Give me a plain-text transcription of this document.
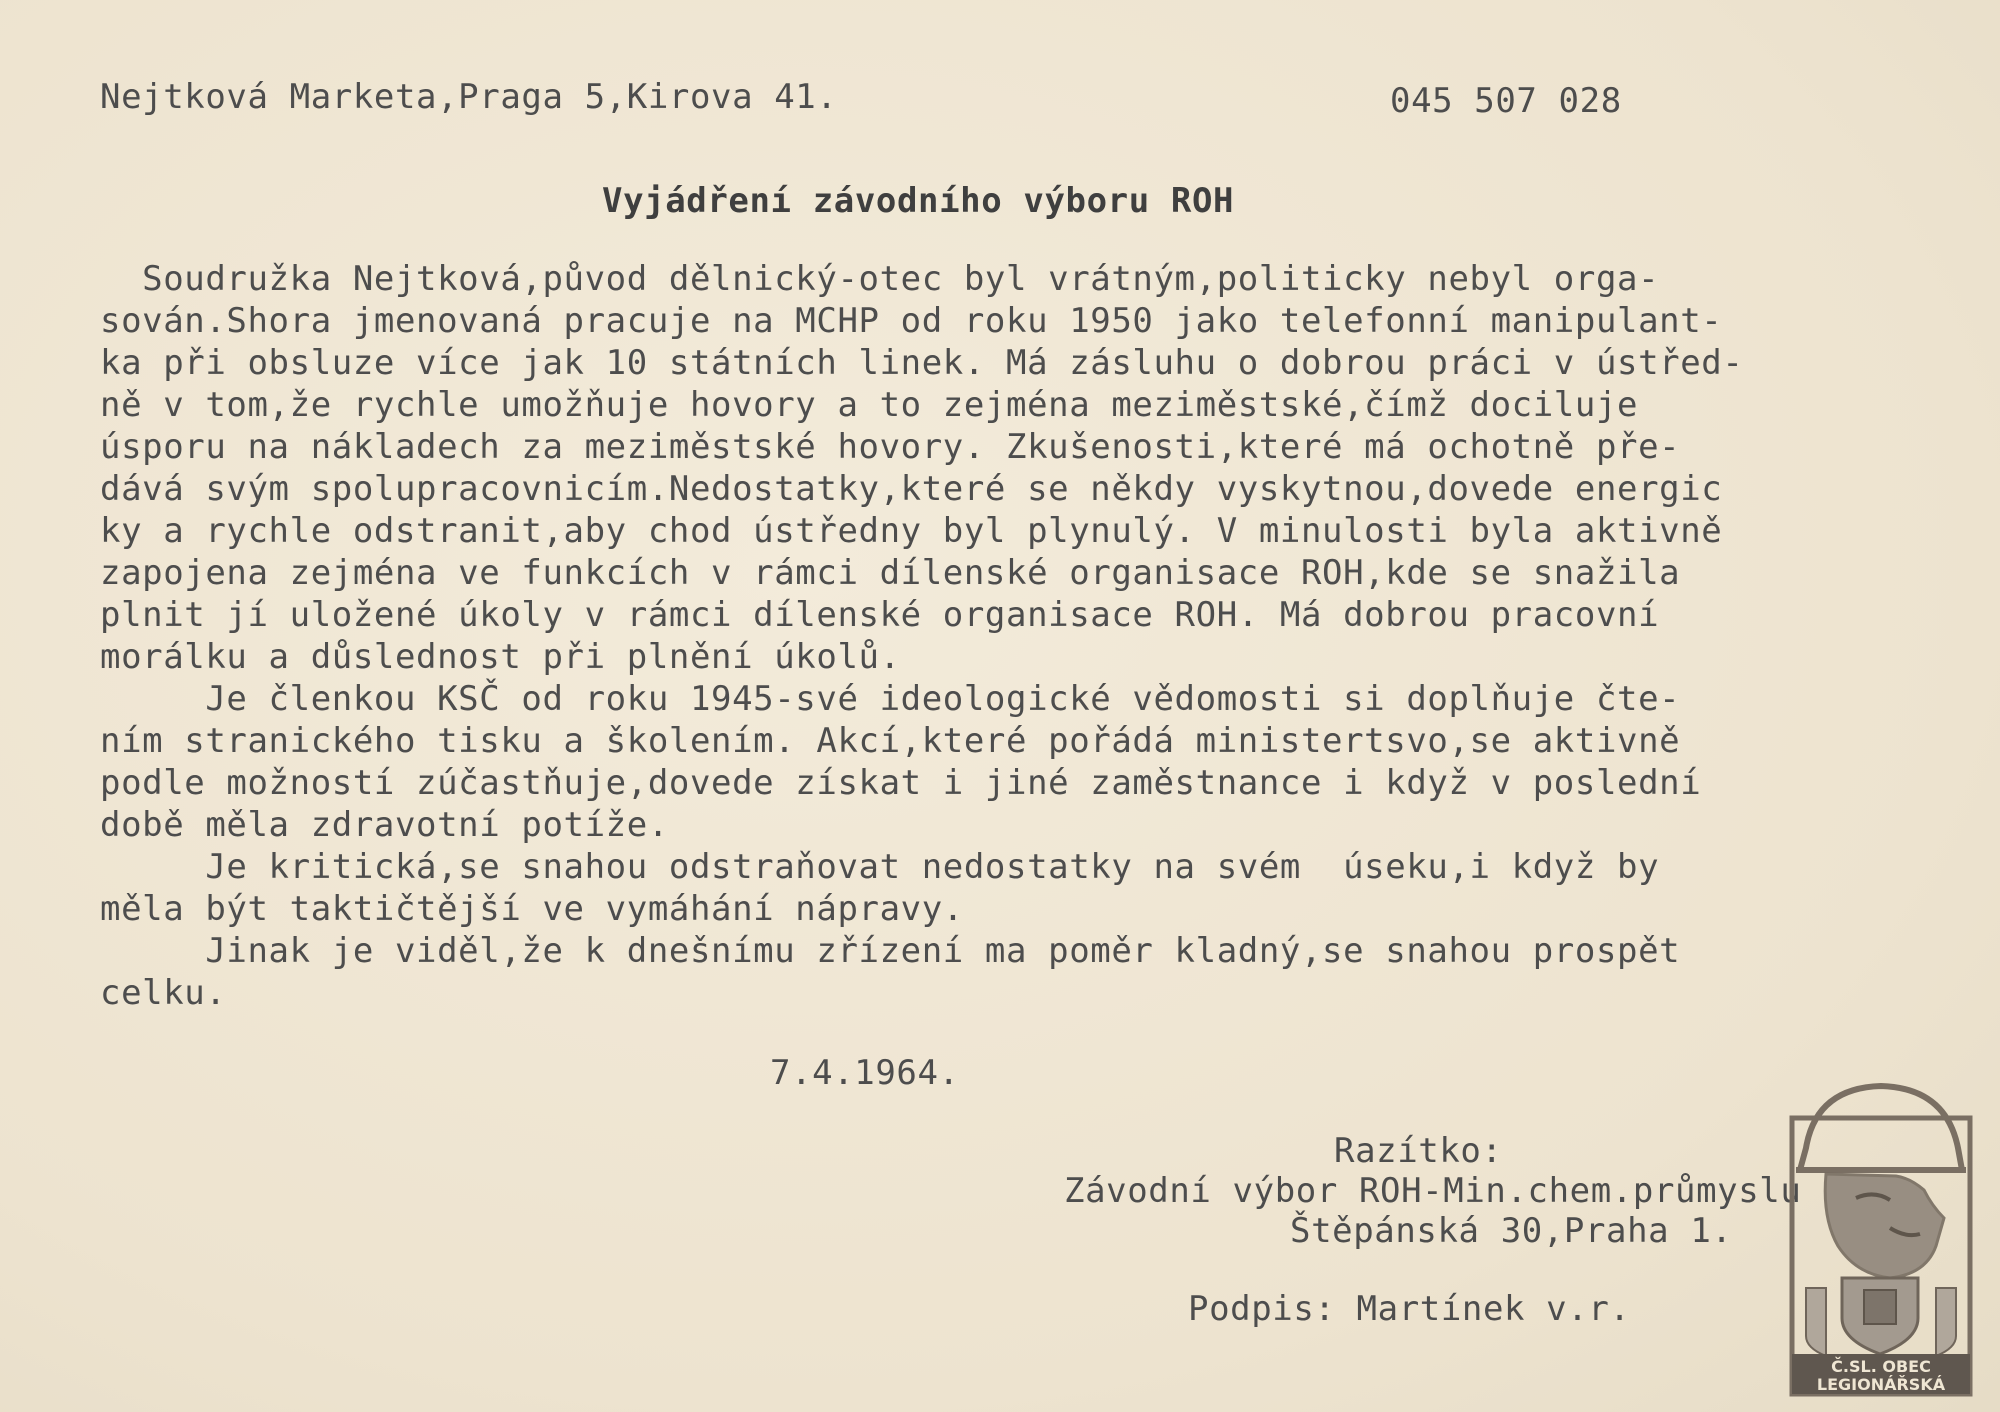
Nejtková Marketa,Praga 5,Kirova 41.	045 507 028
Vyjádření závodního výboru ROH
Soudružka Nejtková,původ dělnický-otec byl vrátným,politicky nebyl orga-
sován.Shora jmenovaná pracuje na MCHP od roku 1950 jako telefonní manipulant-
ka při obsluze více jak 10 státních linek. Má zásluhu o dobrou práci v ústřed-
ně v tom,že rychle umožňuje hovory a to zejména meziměstské,čímž dociluje
úsporu na nákladech za meziměstské hovory. Zkušenosti,které má ochotně pře-
dává svým spolupracovnicím.Nedostatky,které se někdy vyskytnou,dovede energic
ky a rychle odstranit,aby chod ústředny byl plynulý. V minulosti byla aktivně
zapojena zejména ve funkcích v rámci dílenské organisace ROH,kde se snažila
plnit jí uložené úkoly v rámci dílenské organisace ROH. Má dobrou pracovní
morálku a důslednost při plnění úkolů.
Je členkou KSČ od roku 1945-své ideologické vědomosti si doplňuje čte-
ním stranického tisku a školením. Akcí,které pořádá ministertsvo,se aktivně
podle možností zúčastňuje,dovede získat i jiné zaměstnance i když v poslední
době měla zdravotní potíže.
Je kritická,se snahou odstraňovat nedostatky na svém  úseku,i když by
měla být taktičtější ve vymáhání nápravy.
Jinak je viděl,že k dnešnímu zřízení ma poměr kladný,se snahou prospět
celku.
7.4.1964.
Razítko:
Závodní výbor ROH-Min.chem.průmyslu
Štěpánská 30,Praha 1.
Podpis: Martínek v.r.
Č.SL. OBEC
LEGIONÁŘSKÁ
